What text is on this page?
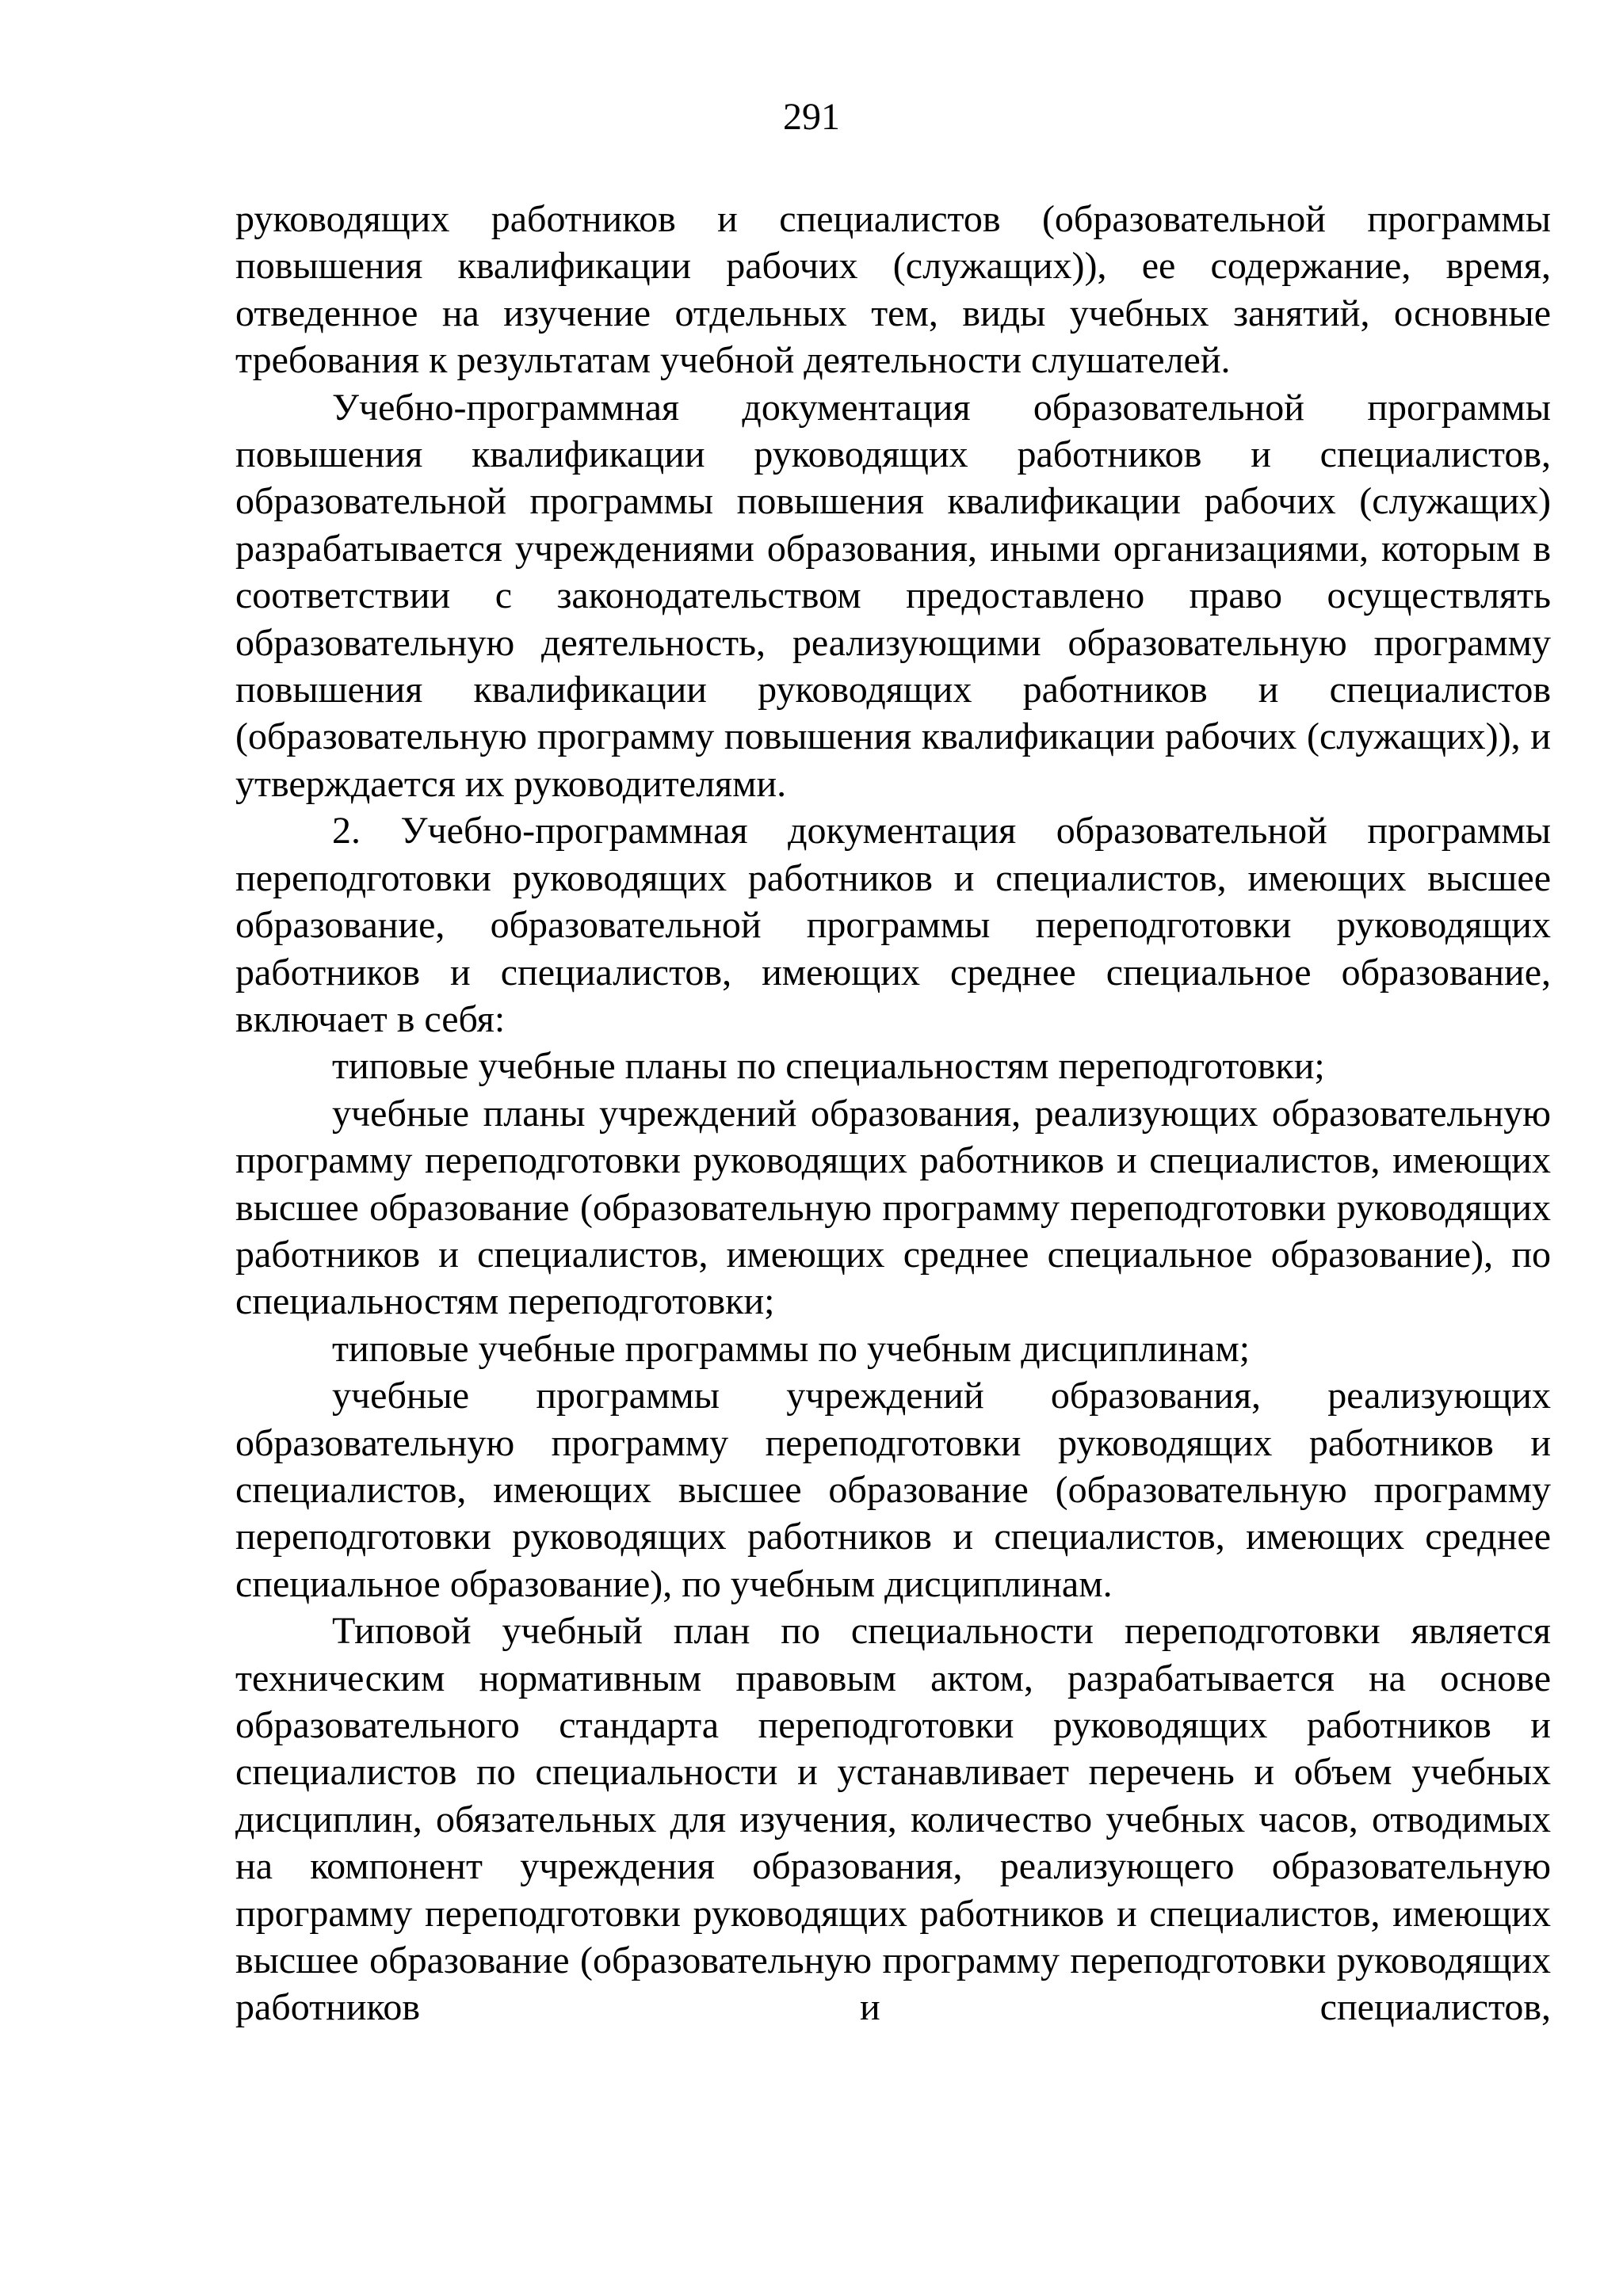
291

руководящих работников и специалистов (образовательной программы повышения квалификации рабочих (служащих)), ее содержание, время, отведенное на изучение отдельных тем, виды учебных занятий, основные требования к результатам учебной деятельности слушателей.

Учебно-программная документация образовательной программы повышения квалификации руководящих работников и специалистов, образовательной программы повышения квалификации рабочих (служащих) разрабатывается учреждениями образования, иными организациями, которым в соответствии с законодательством предоставлено право осуществлять образовательную деятельность, реализующими образовательную программу повышения квалификации руководящих работников и специалистов (образовательную программу повышения квалификации рабочих (служащих)), и утверждается их руководителями.

2. Учебно-программная документация образовательной программы переподготовки руководящих работников и специалистов, имеющих высшее образование, образовательной программы переподготовки руководящих работников и специалистов, имеющих среднее специальное образование, включает в себя:

типовые учебные планы по специальностям переподготовки;

учебные планы учреждений образования, реализующих образовательную программу переподготовки руководящих работников и специалистов, имеющих высшее образование (образовательную программу переподготовки руководящих работников и специалистов, имеющих среднее специальное образование), по специальностям переподготовки;

типовые учебные программы по учебным дисциплинам;

учебные программы учреждений образования, реализующих образовательную программу переподготовки руководящих работников и специалистов, имеющих высшее образование (образовательную программу переподготовки руководящих работников и специалистов, имеющих среднее специальное образование), по учебным дисциплинам.

Типовой учебный план по специальности переподготовки является техническим нормативным правовым актом, разрабатывается на основе образовательного стандарта переподготовки руководящих работников и специалистов по специальности и устанавливает перечень и объем учебных дисциплин, обязательных для изучения, количество учебных часов, отводимых на компонент учреждения образования, реализующего образовательную программу переподготовки руководящих работников и специалистов, имеющих высшее образование (образовательную программу переподготовки руководящих работников и специалистов,
